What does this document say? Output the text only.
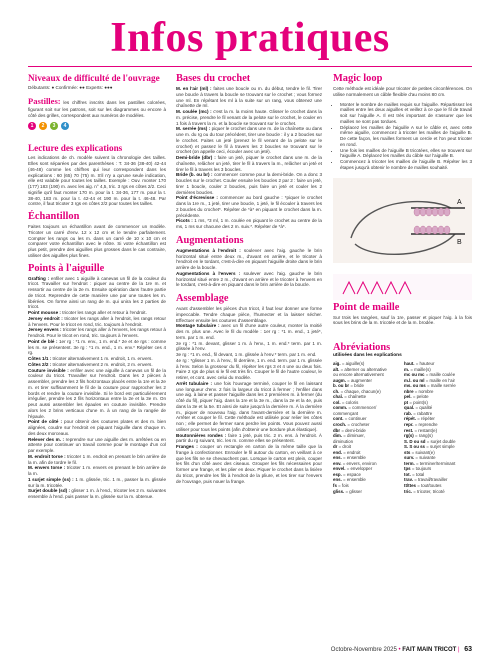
Infos pratiques
Niveaux de difficulté de l'ouvrage

Débutants: ● Confirmée: ●● Experts: ●●●

Pastilles: les chiffres inscrits dans les pastilles colorées, figurant soit sur les patrons, soit sur les diagrammes ou encore à côté des grilles, correspondent aux numéros de modèles.

1	2	3	4
Lecture des explications

Les indications de ch. modèle suivent la chronologie des tailles. Elles sont séparées par des parenthèses : T. 34-36 (38-40) 42-44 (46-48) comme les chiffres qui leur correspondent dans les explications : 60 (65) 70 (75) m. S'il n'y a qu'une seule indication, elle est valable pour toutes les tailles. Exemple : Ouv. monter 170 (177) 183 (190) m. avec les aig. n° 4,5, tric. 3 rgs en côtes 2/2. Ceci signifie qu'il faut monter 170 m. pour la t. 34-36, 177 m. pour la t. 38-40, 183 m. pour la t. 42-44 et 190 m. pour la t. 46-48. Par contre, il faut tricoter 3 rgs en côtes 2/2 pour toutes les tailles.

Échantillon

Faites toujours un échantillon avant de commencer un modèle. Tricoter un carré d'env. 12 x 12 cm et le tendre parfaitement. Compter les rangs ou les m. dans un carré de 10 x 10 cm et comparer votre échantillon avec le nôtre. Si votre échantillon est plus petit, prendre des aiguilles plus grosses dans le cas contraire, utiliser des aiguilles plus fines.

Points à l'aiguille

Grafting : enfiler avec 1 aiguille à canevas un fil de la couleur du tricot. Travailler sur l'endroit : piquer au centre de la 1re m. et ressortir au centre de la 2e m. Ensuite opération dans l'autre partie de tricot. Reprendre de cette manière une par une toutes les m. libérées. On forme ainsi un rang de m. qui unira les 2 parties de tricot.

Point mousse : tricoter les rangs aller et retour à l'endroit.

Jersey endroit : tricoter les rangs aller à l'endroit, les rangs retour à l'envers. Pour le tricot en rond, tric. toujours à l'endroit.

Jersey envers : tricoter les rangs aller à l'envers, les rangs retour à l'endroit. Pour le tricot en rond, tric. toujours à l'envers.

Point de blé : 1er rg : *1 m. env., 1 m. end.* 2e et 4e rgs : comme les m. se présentent. 3e rg : *1 m. end., 1 m. env.* Répéter ces 4 rg.

Côtes 1/1 : tricoter alternativement 1 m. endroit, 1 m. envers.

Côtes 2/2 : tricoter alternativement 2 m. endroit, 2 m. envers.

Couture invisible : enfiler avec une aiguille à canevas un fil de la couleur du tricot. Travailler sur l'endroit. Dans les 2 pièces à assembler, prendre les 2 fils horizontaux placés entre la 1re et la 2e m. et tirer suffisamment le fil de la couture pour rapprocher les 2 bords et rendre la couture invisible. Si le bord est particulièrement irrégulier, prendre les 2 fils horizontaux entre la 2e et la 3e m. On peut aussi assembler les épaules en couture invisible. Prendre alors les 2 brins verticaux d'une m. à un rang de la rangée de l'épaule.

Point de côté : pour obtenir des coutures plates et des m. bien alignées, coudre sur l'endroit en piquant l'aiguille dans chaque m. des deux morceaux.

Relever des m. : reprendre sur une aiguille des m. arrêtées ou en attente pour continuer un travail comme pour le montage d'un col par exemple.

M. endroit torse : tricoter 1 m. endroit en prenant le brin arrière de la m. afin de tordre le fil.

M. envers torse : tricoter 1 m. envers en prenant le brin arrière de la m.

1 surjet simple (ss) : 1 m. glissée, tric. 1 m., passer la m. glissée sur la m. tricotée.

Surjet double (sd) : glisser 1 m. à l'end., tricoter les 2 m. suivantes ensemble à l'end. puis passer la m. glissée sur la m. obtenue.

Bases du crochet

M. en l'air (ml) : faites une boucle ou m. du début, tendre le fil. Tirer une boucle à travers la boucle se trouvant sur le crochet ; vous formez une ml. En répétant les ml à la suite sur un rang, vous obtenez une chaînette de ml.

M. coulée (mc) : c'est la m. la moins haute. Glisser le crochet dans la m. précise, prendre le fil venant de la pelote sur le crochet, le couler en 1 fois à travers la m. et la boucle se trouvant sur le crochet.

M. serrée (ms) : piquer le crochet dans une m. de la chaînette ou dans une m. du rg ou du tour précédent, tirer une boucle : il y a 2 boucles sur le crochet. Faites un jeté (prenez le fil venant de la pelote sur le crochet) et passez le fil à travers les 2 boucles se trouvant sur le crochet (on appelle ceci, écouler avec un jeté).

Demi-bride (dbr) : faire un jeté, piquer le crochet dans une m. de la chaînette, relâcher un jeté, tirer le fil à travers la m., relâcher un jeté et tirer le fil à travers les 3 boucles.

Bride (b. ou br) : commencer comme pour la demi-bride. On a donc 3 boucles sur le crochet. Couler ensuite les boucles 2 par 2 : faire un jeté, tirer 1 boucle, couler 2 boucles, puis faire un jeté et couler les 2 dernières boucles.

Point d'écrevisse : commencer au bord gauche : *piquer le crochet dans la 1re m., 1 jeté, tirer une boucle, 1 jeté, le fil écouler à travers les 2 boucles du crochet*. Répéter de *à* en piquant le crochet dans la m. précédente.

Picots : 1 ms, *3 ml, 1 m. coulée en piquant le crochet au centre de la ms, 1 ms sur chacune des 2 m. suiv.*. Répéter de *à*.

Augmentations

Augmentations à l'endroit : soulever avec l'aig. gauche le brin horizontal situé entre deux m., d'avant en arrière, et le tricoter à l'endroit en le tordant, c'est-à-dire en piquant l'aiguille droite dans le brin arrière de la boucle.

Augmentations à l'envers : soulever avec l'aig. gauche le brin horizontal situé entre 2 m., d'avant en arrière et le tricoter à l'envers en le tordant, c'est-à-dire en piquant dans le brin arrière de la boucle.

Assemblage

Avant d'assembler les pièces d'un tricot, il faut leur donner une forme impeccable. Tendre chaque pièce, l'humecter et la laisser sécher. Effectuer ensuite les coutures d'assemblage.

Montage tubulaire : avec un fil d'une autre couleur, monter la moitié des m. plus une. Avec le fil du modèle : 1er rg : *1 m. end., 1 jeté*, term. par 1 m. end.

2e rg : *1 m. devant, glisser 1 m. à l'env., 1 m. end.* term. par 1 m. glissée à l'env.

3e rg : *1 m. end., fil devant, 1 m. glissée à l'env.* term. par 1 m. end.

4e rg : *glisser 1 m. à l'env., fil derrière, 1 m. end. term. par 1 m. glissée à l'env. Selon la grosseur du fil, répéter les rgs 3 et 4 une ou deux fois. Faire 2 rgs de plus si le fil est très fin. Couper le fil de l'autre couleur, le retirer, et cont. avec celui du modèle.

Arrêt tubulaire : une fois l'ouvrage terminé, couper le fil en laissant une longueur d'env. 2 fois la largeur du tricot à fermer ; l'enfiler dans une aig. à laine et passer l'aiguille dans les 2 premières m. à fermer (du côté du fil), piquer l'aig. dans la 1re et la 3e m., dans la 2e et la 4e, puis dans la 3e et la 5e. Et ainsi de suite jusqu'à la dernière m. À la dernière m., piquer de nouveau l'aig. dans l'avant-dernière et la dernière m. Arrêter et couper le fil. Cette méthode est utilisée pour relier les côtes non ; elle permet de fermer sans perdre les points. Vous pouvez aussi utiliser pour tous les points (afin d'obtenir une bordure plus élastique).

Boutonnières rondes : faire 1 jeté, puis tric. 2 m. ens. à l'endroit. À partir du rg suivant, tric. les m. comme elles se présentent.

Franges : couper un rectangle en carton de la même taille que la frange à confectionner. Enrouler le fil autour du carton, en veillant à ce que les fils ne se chevauchent pas. Lorsque le carton est plein, couper les fils d'un côté avec des ciseaux. Grouper les fils nécessaires pour former une frange, et les plier en deux. Piquer le crochet dans la lisière du tricot, prendre les fils à l'endroit de la pliure, et les tirer sur l'envers de l'ouvrage, puis nouer la frange.

Magic loop

Cette méthode est idéale pour tricoter de petites circonférences. On utilise normalement un câble flexible d'au moins 80 cm.

• Monter le nombre de mailles requis sur l'aiguille. Répartissez les mailles entre les deux aiguilles et veillez à ce que le fil de travail soit sur l'aiguille A. Il est très important de s'assurer que les mailles ne sont pas tordues.
• Déplacez les mailles de l'aiguille A sur le câble et, avec cette même aiguille, commencez à tricoter les mailles de l'aiguille B. De cette façon, les mailles forment un cercle et l'on peut tricoter en rond.
• Une fois les mailles de l'aiguille B tricotées, elles se trouvent sur l'aiguille A. Déplacez les mailles du câble sur l'aiguille B.
• Commencez à tricoter les mailles de l'aiguille B. Répéter les 3 étapes jusqu'à obtenir le nombre de mailles souhaité.
A
B
Point de maille

Sur trois les rangées, sauf la 1re, passer et piquer l'aig. à la fois sous les brins de la m. tricotée et de la m. brodée.

Abréviations

utilisées dans les explications

aig. = aiguille(s)
alt. = alterner ou alternative
ou encore alternativement
augm. = augmenter
b. ou br = bride
ch. = chaque, chacun(e)
chaî. = chaînette
col. = coloris
comm. = commencer/
commençant
cont. = continuer
croch. = crocheter
dbr = demi-bride
dim. = diminuer,
diminution
dr = droit
end. = endroit
ens. = ensemble
env. = envers, environ
envel. = envelopper
esp. = espace
ens. = ensemble
fs = fois
gliss. = glisser
haut. = hauteur
m. = maille(s)
mc ou mc = maille coulée
m.l. ou ml = maille en l'air
ms. ou ms = maille serrée
nbre = nombre
pel. = pelote
pt = point(s)
qual. = qualité
rab. = rabattre
répét. = répéter
repr. = reprendre
rest. = restant(e)
rg(s) = rang(s)
S. D ou sd = surjet double
S. S ou ss = surjet simple
sts = suivant(e)
surv. = suivante
term. = terminer/terminant
tps = toujours
tot. = total
trav. = travail/travailler
tt/ttes = tout/toutes
tric. = tricoter, tricoté
Octobre-Novembre 2025 • FAIT MAIN TRICOT | 63
